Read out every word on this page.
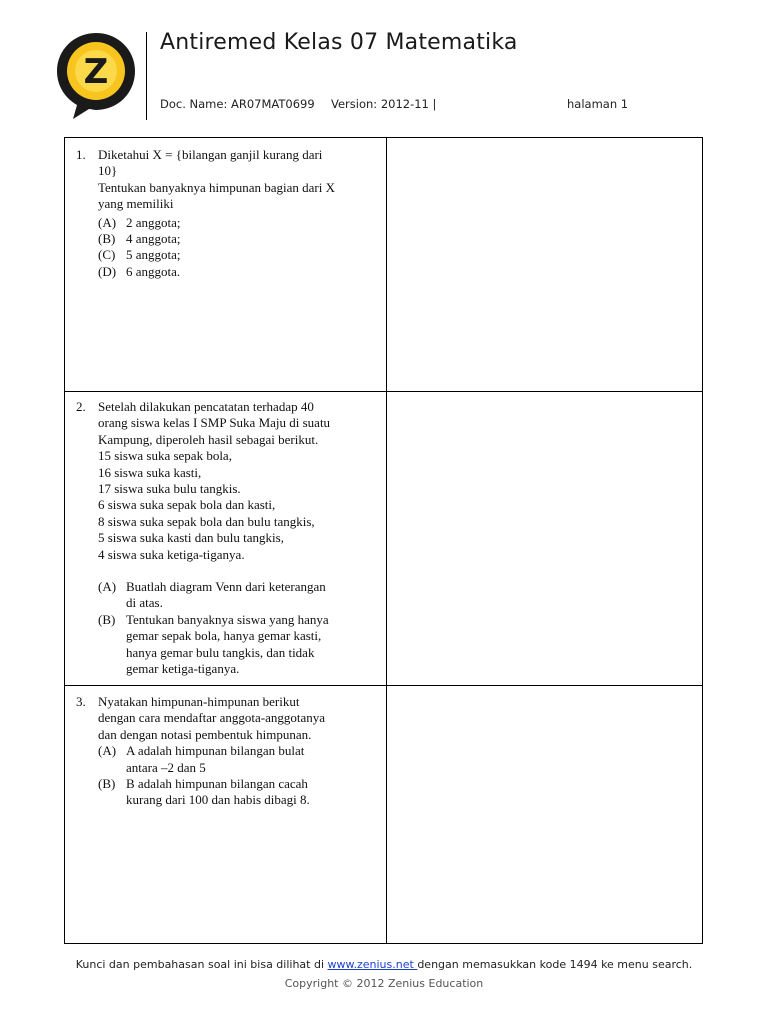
Z
Antiremed Kelas 07 Matematika
Doc. Name: AR07MAT0699 Version: 2012-11 |	halaman 1
1. Diketahui X = {bilangan ganjil kurang dari
10}
Tentukan banyaknya himpunan bagian dari X
yang memiliki
(A) 2 anggota;
(B) 4 anggota;
(C) 5 anggota;
(D) 6 anggota.
2. Setelah dilakukan pencatatan terhadap 40
orang siswa kelas I SMP Suka Maju di suatu
Kampung, diperoleh hasil sebagai berikut.
15 siswa suka sepak bola,
16 siswa suka kasti,
17 siswa suka bulu tangkis.
6 siswa suka sepak bola dan kasti,
8 siswa suka sepak bola dan bulu tangkis,
5 siswa suka kasti dan bulu tangkis,
4 siswa suka ketiga-tiganya.
(A) Buatlah diagram Venn dari keterangan
di atas.
(B) Tentukan banyaknya siswa yang hanya
gemar sepak bola, hanya gemar kasti,
hanya gemar bulu tangkis, dan tidak
gemar ketiga-tiganya.
3. Nyatakan himpunan-himpunan berikut
dengan cara mendaftar anggota-anggotanya
dan dengan notasi pembentuk himpunan.
(A) A adalah himpunan bilangan bulat
antara –2 dan 5
(B) B adalah himpunan bilangan cacah
kurang dari 100 dan habis dibagi 8.
Kunci dan pembahasan soal ini bisa dilihat di www.zenius.net dengan memasukkan kode 1494 ke menu search.
Copyright © 2012 Zenius Education
